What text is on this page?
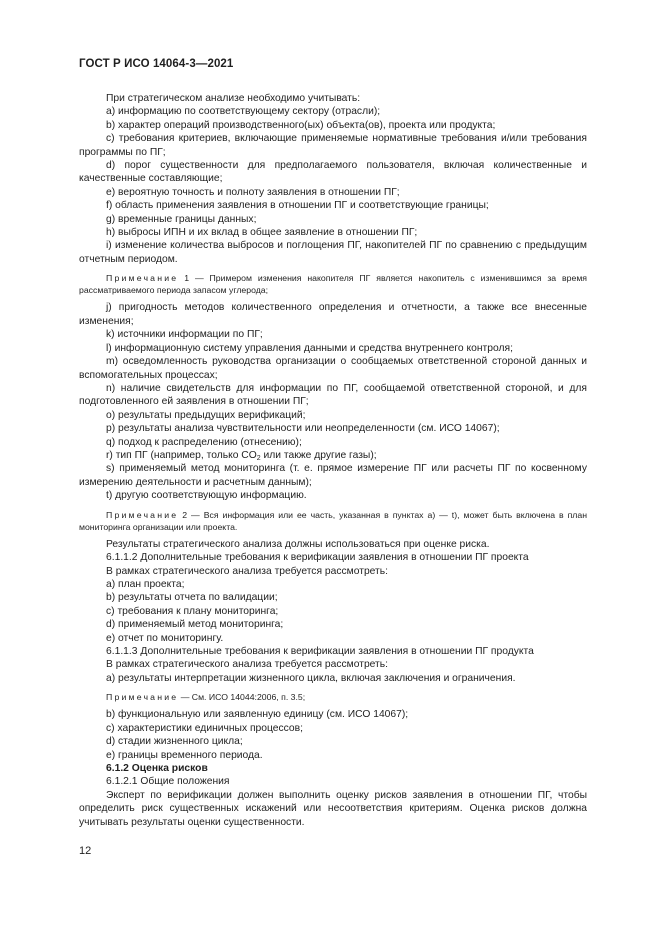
ГОСТ Р ИСО 14064-3—2021

При стратегическом анализе необходимо учитывать:

a) информацию по соответствующему сектору (отрасли);

b) характер операций производственного(ых) объекта(ов), проекта или продукта;

c) требования критериев, включающие применяемые нормативные требования и/или требования программы по ПГ;

d) порог существенности для предполагаемого пользователя, включая количественные и качественные составляющие;

e) вероятную точность и полноту заявления в отношении ПГ;

f) область применения заявления в отношении ПГ и соответствующие границы;

g) временные границы данных;

h) выбросы ИПН и их вклад в общее заявление в отношении ПГ;

i) изменение количества выбросов и поглощения ПГ, накопителей ПГ по сравнению с предыдущим отчетным периодом.

Примечание 1 — Примером изменения накопителя ПГ является накопитель с изменившимся за время рассматриваемого периода запасом углерода;

j) пригодность методов количественного определения и отчетности, а также все внесенные изменения;

k) источники информации по ПГ;

l) информационную систему управления данными и средства внутреннего контроля;

m) осведомленность руководства организации о сообщаемых ответственной стороной данных и вспомогательных процессах;

n) наличие свидетельств для информации по ПГ, сообщаемой ответственной стороной, и для подготовленного ей заявления в отношении ПГ;

o) результаты предыдущих верификаций;

p) результаты анализа чувствительности или неопределенности (см. ИСО 14067);

q) подход к распределению (отнесению);

r) тип ПГ (например, только $CO_2$ или также другие газы);

s) применяемый метод мониторинга (т. е. прямое измерение ПГ или расчеты ПГ по косвенному измерению деятельности и расчетным данным);

t) другую соответствующую информацию.

Примечание 2 — Вся информация или ее часть, указанная в пунктах a) — t), может быть включена в план мониторинга организации или проекта.

Результаты стратегического анализа должны использоваться при оценке риска.

6.1.1.2 Дополнительные требования к верификации заявления в отношении ПГ проекта

В рамках стратегического анализа требуется рассмотреть:

a) план проекта;

b) результаты отчета по валидации;

c) требования к плану мониторинга;

d) применяемый метод мониторинга;

e) отчет по мониторингу.

6.1.1.3 Дополнительные требования к верификации заявления в отношении ПГ продукта

В рамках стратегического анализа требуется рассмотреть:

a) результаты интерпретации жизненного цикла, включая заключения и ограничения.

Примечание — См. ИСО 14044:2006, п. 3.5;

b) функциональную или заявленную единицу (см. ИСО 14067);

c) характеристики единичных процессов;

d) стадии жизненного цикла;

e) границы временного периода.

6.1.2 Оценка рисков

6.1.2.1 Общие положения

Эксперт по верификации должен выполнить оценку рисков заявления в отношении ПГ, чтобы определить риск существенных искажений или несоответствия критериям. Оценка рисков должна учитывать результаты оценки существенности.

12
